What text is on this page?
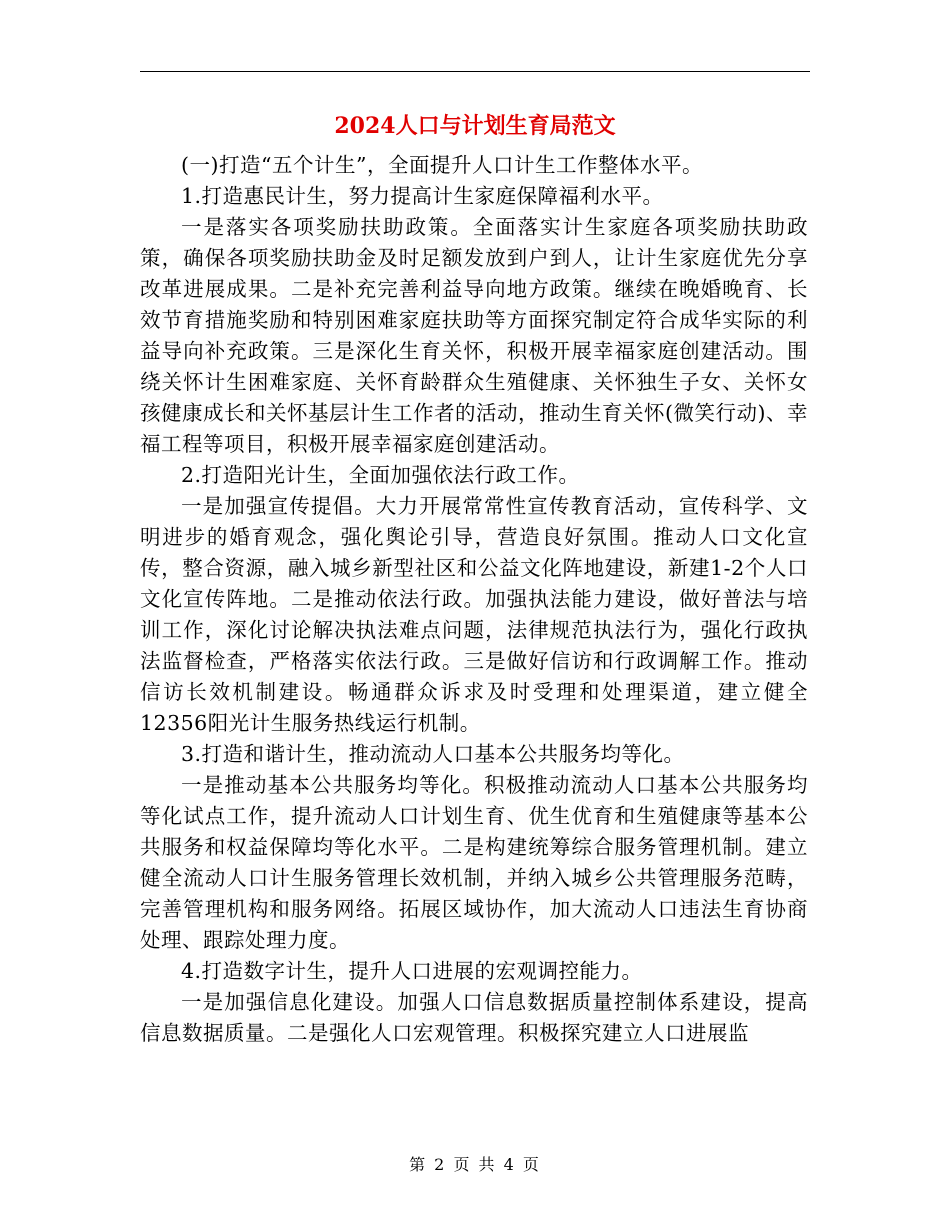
2024人口与计划生育局范文

(一)打造“五个计生”，全面提升人口计生工作整体水平。

1.打造惠民计生，努力提高计生家庭保障福利水平。

一是落实各项奖励扶助政策。全面落实计生家庭各项奖励扶助政策，确保各项奖励扶助金及时足额发放到户到人，让计生家庭优先分享改革进展成果。二是补充完善利益导向地方政策。继续在晚婚晚育、长效节育措施奖励和特别困难家庭扶助等方面探究制定符合成华实际的利益导向补充政策。三是深化生育关怀，积极开展幸福家庭创建活动。围绕关怀计生困难家庭、关怀育龄群众生殖健康、关怀独生子女、关怀女孩健康成长和关怀基层计生工作者的活动，推动生育关怀(微笑行动)、幸福工程等项目，积极开展幸福家庭创建活动。

2.打造阳光计生，全面加强依法行政工作。

一是加强宣传提倡。大力开展常常性宣传教育活动，宣传科学、文明进步的婚育观念，强化舆论引导，营造良好氛围。推动人口文化宣传，整合资源，融入城乡新型社区和公益文化阵地建设，新建1-2个人口文化宣传阵地。二是推动依法行政。加强执法能力建设，做好普法与培训工作，深化讨论解决执法难点问题，法律规范执法行为，强化行政执法监督检查，严格落实依法行政。三是做好信访和行政调解工作。推动信访长效机制建设。畅通群众诉求及时受理和处理渠道，建立健全12356阳光计生服务热线运行机制。

3.打造和谐计生，推动流动人口基本公共服务均等化。

一是推动基本公共服务均等化。积极推动流动人口基本公共服务均等化试点工作，提升流动人口计划生育、优生优育和生殖健康等基本公共服务和权益保障均等化水平。二是构建统筹综合服务管理机制。建立健全流动人口计生服务管理长效机制，并纳入城乡公共管理服务范畴，完善管理机构和服务网络。拓展区域协作，加大流动人口违法生育协商处理、跟踪处理力度。

4.打造数字计生，提升人口进展的宏观调控能力。

一是加强信息化建设。加强人口信息数据质量控制体系建设，提高信息数据质量。二是强化人口宏观管理。积极探究建立人口进展监

第 2 页 共 4 页
